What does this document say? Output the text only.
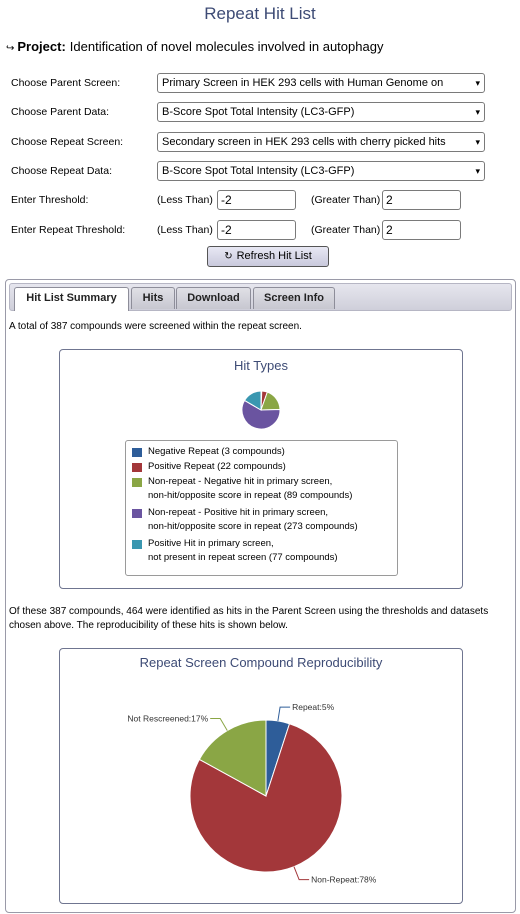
Repeat Hit List
↪ Project: Identification of novel molecules involved in autophagy
Choose Parent Screen:	Primary Screen in HEK 293 cells with Human Genome on	▾
Choose Parent Data:	B-Score Spot Total Intensity (LC3-GFP)	▾
Choose Repeat Screen:	Secondary screen in HEK 293 cells with cherry picked hits	▾
Choose Repeat Data:	B-Score Spot Total Intensity (LC3-GFP)	▾
Enter Threshold:	(Less Than) -2	(Greater Than) 2
Enter Repeat Threshold:	(Less Than) -2	(Greater Than) 2
↻ Refresh Hit List
Hit List Summary	Hits	Download	Screen Info
A total of 387 compounds were screened within the repeat screen.
Hit Types
Negative Repeat (3 compounds)
Positive Repeat (22 compounds)
Non-repeat - Negative hit in primary screen,
non-hit/opposite score in repeat (89 compounds)
Non-repeat - Positive hit in primary screen,
non-hit/opposite score in repeat (273 compounds)
Positive Hit in primary screen,
not present in repeat screen (77 compounds)
Of these 387 compounds, 464 were identified as hits in the Parent Screen using the thresholds and datasets chosen above. The reproducibility of these hits is shown below.
Repeat Screen Compound Reproducibility
Repeat:5%
Non-Repeat:78%
Not Rescreened:17%
